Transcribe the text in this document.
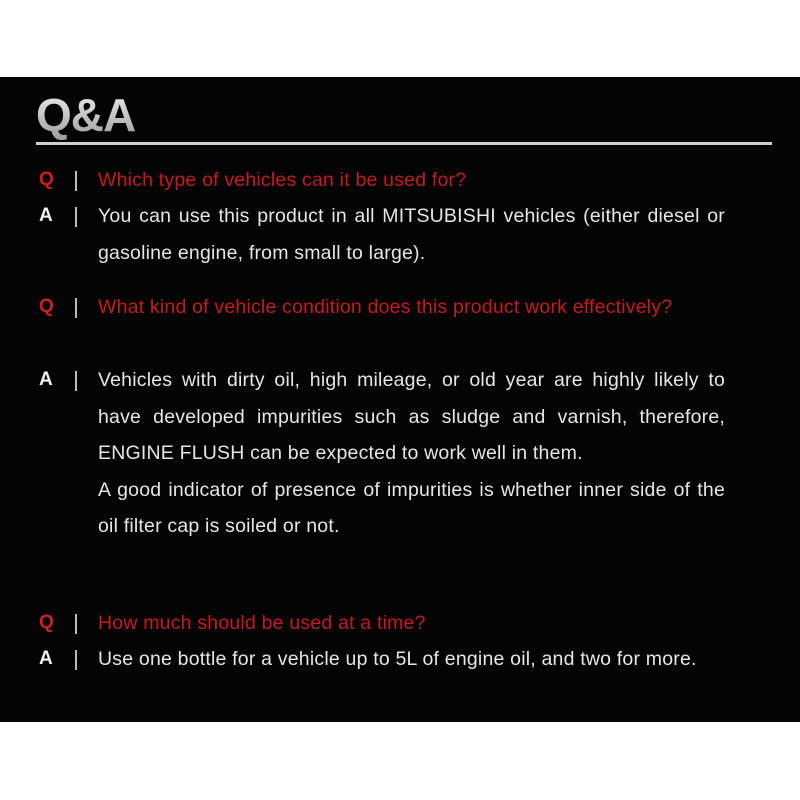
Q&A
Q	Which type of vehicles can it be used for?

A	You can use this product in all MITSUBISHI vehicles (either diesel or gasoline engine, from small to large).

Q	What kind of vehicle condition does this product work effectively?

A	Vehicles with dirty oil, high mileage, or old year are highly likely to have developed impurities such as sludge and varnish, therefore, ENGINE FLUSH can be expected to work well in them.

A good indicator of presence of impurities is whether inner side of the oil filter cap is soiled or not.

Q	How much should be used at a time?

A	Use one bottle for a vehicle up to 5L of engine oil, and two for more.
